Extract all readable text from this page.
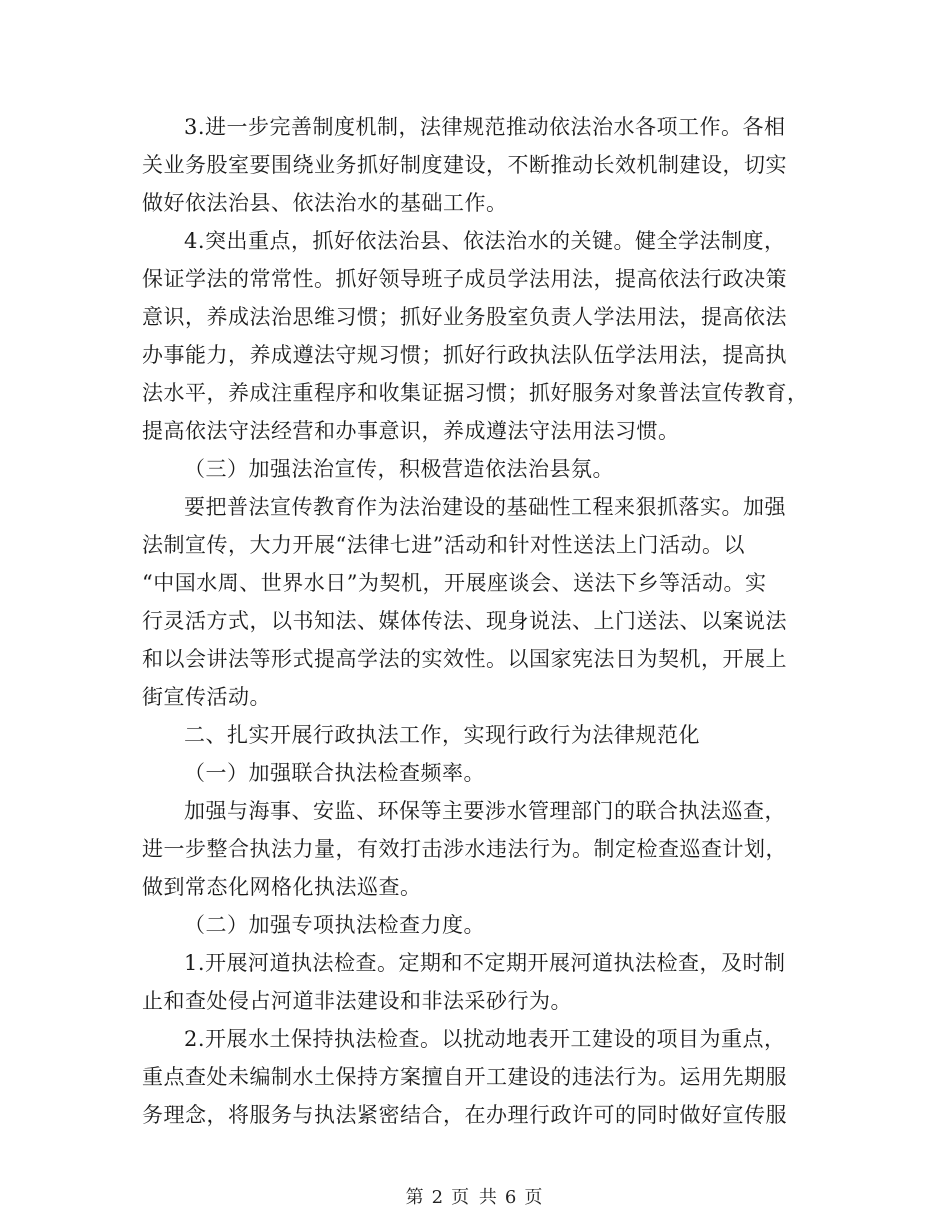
3.进一步完善制度机制，法律规范推动依法治水各项工作。各相
关业务股室要围绕业务抓好制度建设，不断推动长效机制建设，切实
做好依法治县、依法治水的基础工作。
4.突出重点，抓好依法治县、依法治水的关键。健全学法制度，
保证学法的常常性。抓好领导班子成员学法用法，提高依法行政决策
意识，养成法治思维习惯；抓好业务股室负责人学法用法，提高依法
办事能力，养成遵法守规习惯；抓好行政执法队伍学法用法，提高执
法水平，养成注重程序和收集证据习惯；抓好服务对象普法宣传教育，
提高依法守法经营和办事意识，养成遵法守法用法习惯。
（三）加强法治宣传，积极营造依法治县氛。
要把普法宣传教育作为法治建设的基础性工程来狠抓落实。加强
法制宣传，大力开展“法律七进”活动和针对性送法上门活动。以
“中国水周、世界水日”为契机，开展座谈会、送法下乡等活动。实
行灵活方式，以书知法、媒体传法、现身说法、上门送法、以案说法
和以会讲法等形式提高学法的实效性。以国家宪法日为契机，开展上
街宣传活动。
二、扎实开展行政执法工作，实现行政行为法律规范化
（一）加强联合执法检查频率。
加强与海事、安监、环保等主要涉水管理部门的联合执法巡查，
进一步整合执法力量，有效打击涉水违法行为。制定检查巡查计划，
做到常态化网格化执法巡查。
（二）加强专项执法检查力度。
1.开展河道执法检查。定期和不定期开展河道执法检查，及时制
止和查处侵占河道非法建设和非法采砂行为。
2.开展水土保持执法检查。以扰动地表开工建设的项目为重点，
重点查处未编制水土保持方案擅自开工建设的违法行为。运用先期服
务理念，将服务与执法紧密结合，在办理行政许可的同时做好宣传服
第 2 页 共 6 页
